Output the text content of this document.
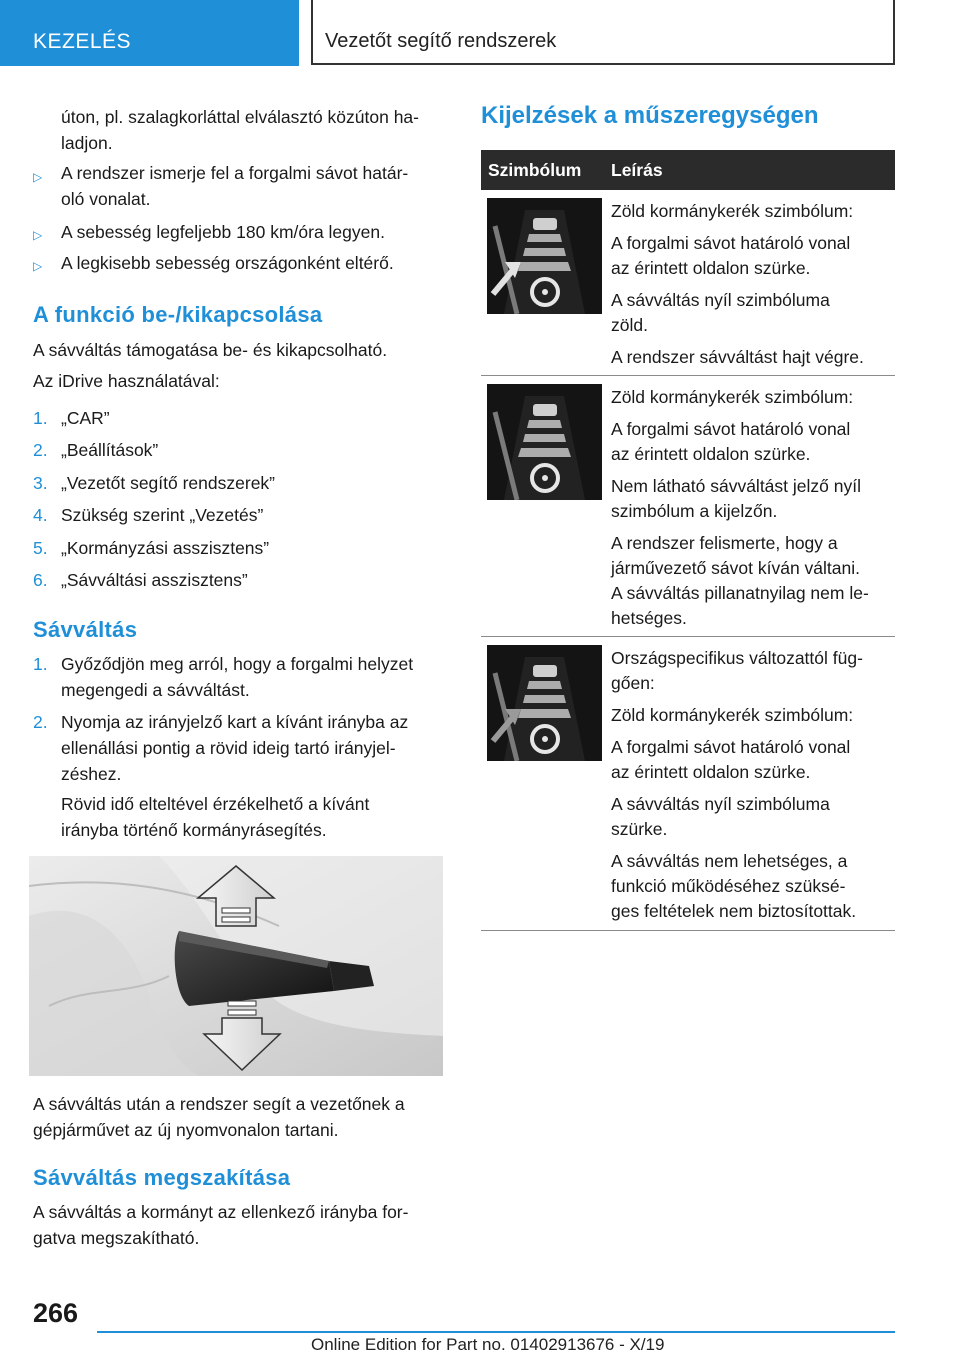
KEZELÉS	Vezetőt segítő rendszerek
úton, pl. szalagkorláttal elválasztó közúton ha-
ladjon.
▷ A rendszer ismerje fel a forgalmi sávot határ-
oló vonalat.
▷ A sebesség legfeljebb 180 km/óra legyen.
▷ A legkisebb sebesség országonként eltérő.
A funkció be-/kikapcsolása
A sávváltás támogatása be- és kikapcsolható.
Az iDrive használatával:
1. „CAR”
2. „Beállítások”
3. „Vezetőt segítő rendszerek”
4. Szükség szerint „Vezetés”
5. „Kormányzási asszisztens”
6. „Sávváltási asszisztens”
Sávváltás
1. Győződjön meg arról, hogy a forgalmi helyzet
megengedi a sávváltást.
2. Nyomja az irányjelző kart a kívánt irányba az
ellenállási pontig a rövid ideig tartó irányjel-
zéshez.
Rövid idő elteltével érzékelhető a kívánt
irányba történő kormányrásegítés.
A sávváltás után a rendszer segít a vezetőnek a
gépjárművet az új nyomvonalon tartani.
Sávváltás megszakítása
A sávváltás a kormányt az ellenkező irányba for-
gatva megszakítható.
Kijelzések a műszeregységen
Szimbólum Leírás

Zöld kormánykerék szimbólum:

A forgalmi sávot határoló vonal
az érintett oldalon szürke.

A sávváltás nyíl szimbóluma
zöld.

A rendszer sávváltást hajt végre.

Zöld kormánykerék szimbólum:

A forgalmi sávot határoló vonal
az érintett oldalon szürke.

Nem látható sávváltást jelző nyíl
szimbólum a kijelzőn.

A rendszer felismerte, hogy a
járművezető sávot kíván váltani.
A sávváltás pillanatnyilag nem le-
hetséges.

Országspecifikus változattól füg-
gően:

Zöld kormánykerék szimbólum:

A forgalmi sávot határoló vonal
az érintett oldalon szürke.

A sávváltás nyíl szimbóluma
szürke.

A sávváltás nem lehetséges, a
funkció működéséhez szüksé-
ges feltételek nem biztosítottak.

266
Online Edition for Part no. 01402913676 - X/19
